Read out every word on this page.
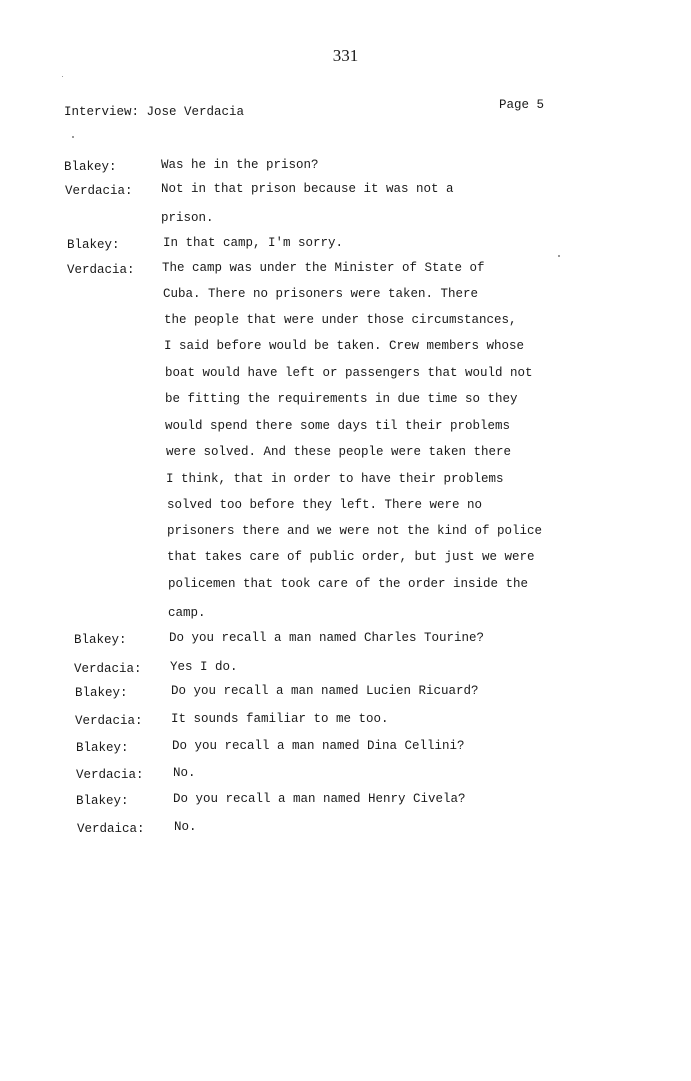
331
Interview: Jose Verdacia	Page 5
Blakey:	Was he in the prison?
Verdacia: Not in that prison because it was not a
prison.
Blakey:	In that camp, I'm sorry.
Verdacia: The camp was under the Minister of State of
Cuba. There no prisoners were taken. There
the people that were under those circumstances,
I said before would be taken. Crew members whose
boat would have left or passengers that would not
be fitting the requirements in due time so they
would spend there some days til their problems
were solved. And these people were taken there
I think, that in order to have their problems
solved too before they left. There were no
prisoners there and we were not the kind of police
that takes care of public order, but just we were
policemen that took care of the order inside the
camp.
Blakey:	Do you recall a man named Charles Tourine?
Verdacia: Yes I do.
Blakey:	Do you recall a man named Lucien Ricuard?
Verdacia: It sounds familiar to me too.
Blakey:	Do you recall a man named Dina Cellini?
Verdacia: No.
Blakey:	Do you recall a man named Henry Civela?
Verdaica: No.
